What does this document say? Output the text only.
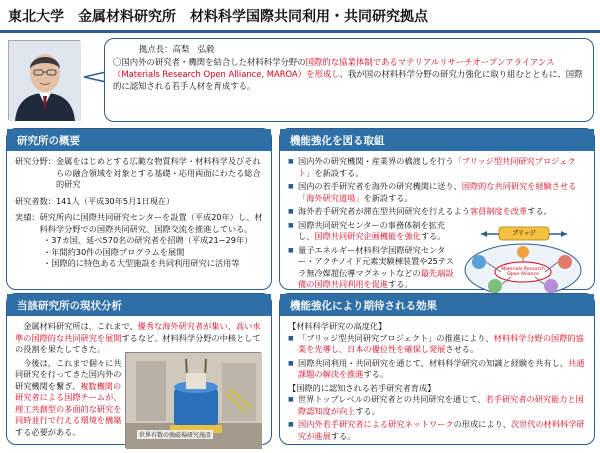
東北大学　金属材料研究所　材料科学国際共同利用・共同研究拠点
拠点長：高梨　弘毅
〇国内外の研究者・機関を結合した材料科学分野の国際的な協業体制であるマテリアルリサーチオープンアライアンス（Materials Research Open Alliance, MAROA）を形成し、我が国の材料科学分野の研究力強化に取り組むとともに、国際的に認知される若手人材を育成する。
研究所の概要
研究分野： 金属をはじめとする広範な物質科学・材料科学及びそれらの融合領域を対象とする基礎・応用両面にわたる総合的研究
研究者数： 141人（平成30年5月1日現在）
実績： 研究所内に国際共同研究センターを設置（平成20年）し、材料科学分野での国際共同研究、国際交流を推進している。
・37カ国、延べ570名の研究者を招聘（平成21−29年）
・年間約30件の国際プログラムを展開
・国際的に特色ある大型施設を共同利用研究に活用等
機能強化を図る取組
■ 国内外の研究機関・産業界の橋渡しを行う「ブリッジ型共同研究プロジェクト」を新設する。
■ 国内の若手研究者を海外の研究機関に送り、国際的な共同研究を経験させる「海外研究道場」を新設する。
■ 海外若手研究者が滞在型共同研究を行えるよう客員制度を改革する。
■ 国際共同研究センターの事務体制を拡充し、国際共同研究企画機能を強化する。
■ 量子エネルギー材料科学国際研究センター・アクチノイド元素実験棟装置や25テスラ無冷媒超伝導マグネットなどの最先端設備の国際共同利用を促進する。
ブリッジ
Materials Research Open Alliance
当該研究所の現状分析
金属材料研究所は、これまで、優秀な海外研究者が集い、高い水準の国際的な共同研究を展開するなど、材料科学分野の中核としての役割を果たしてきた。
今後は、これまで個々に共同研究を行ってきた国内外の研究機関を繋ぎ、複数機関の研究者による国際チームが、理工共創型の多面的な研究を同時並行で行える環境を構築する必要がある。	世界有数の強磁場研究施設
機能強化により期待される効果
【材料科学研究の高度化】
■ 「ブリッジ型共同研究プロジェクト」の推進により、材料科学分野の国際的協業を先導し、日本の優位性を確保し発展させる。
■ 国際共同利用・共同研究を通じて、材料科学研究の知識と経験を共有し、共通課題の解決を推進する。
【国際的に認知される若手研究者育成】
■ 世界トップレベルの研究者との共同研究を通じて、若手研究者の研究能力と国際認知度が向上する。
■ 国内外若手研究者による研究ネットワークの形成により、次世代の材料科学研究が進展する。
